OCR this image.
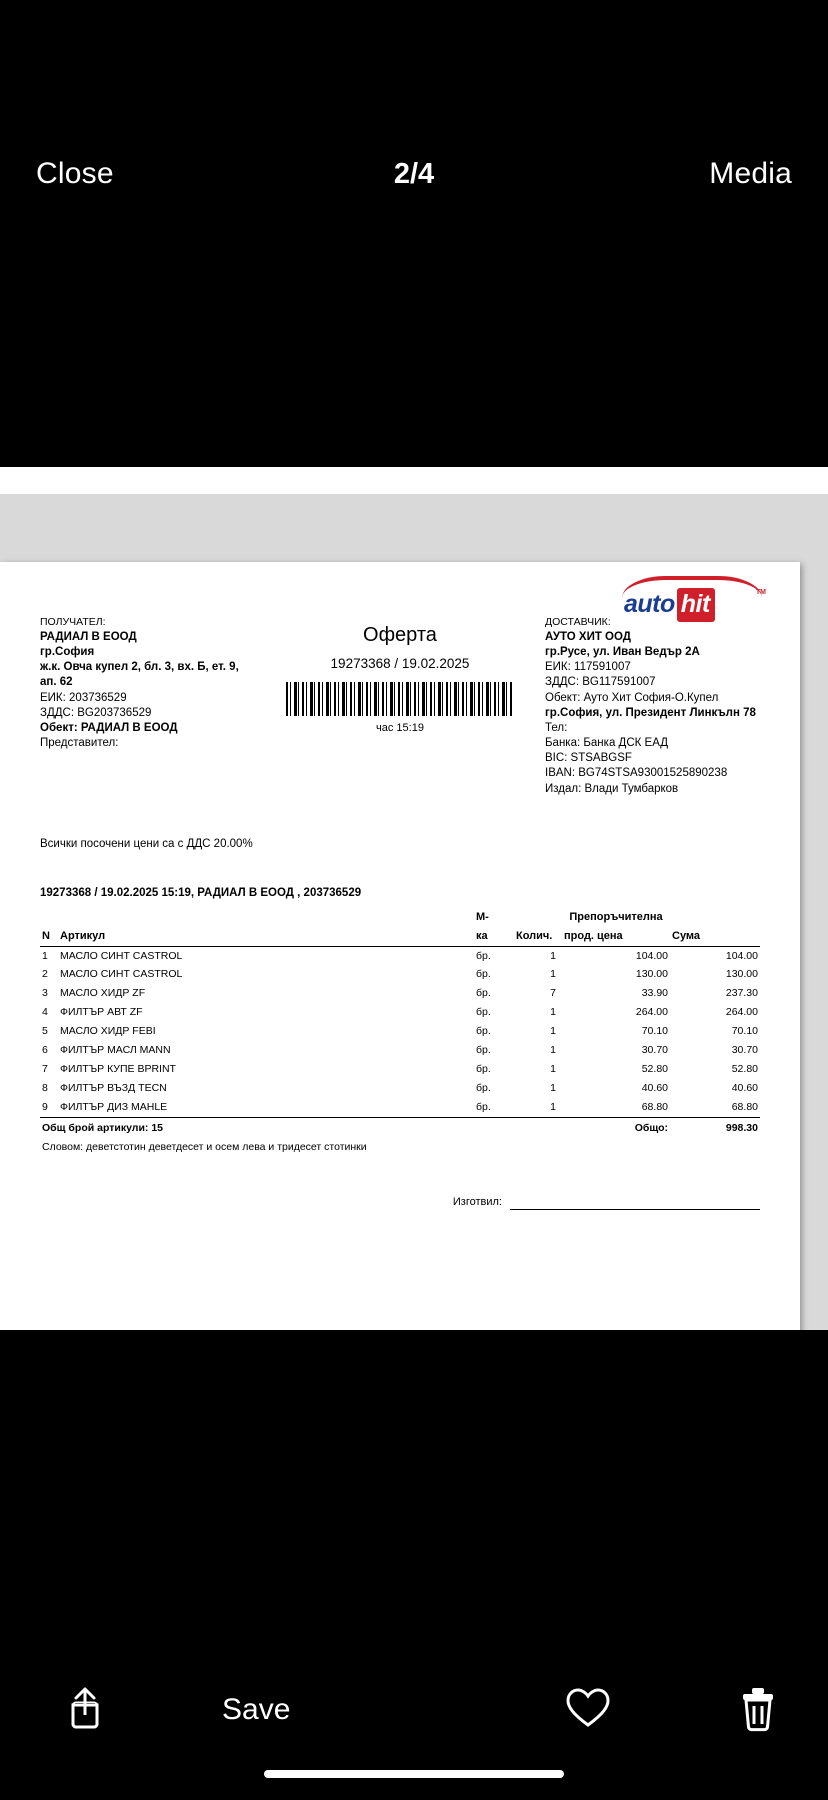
Close	Media
2/4
auto hit	TM
ПОЛУЧАТЕЛ:
РАДИАЛ В ЕООД
гр.София
ж.к. Овча купел 2, бл. 3, вх. Б, ет. 9, ап. 62
ЕИК: 203736529
ЗДДС: BG203736529
Обект: РАДИАЛ В ЕООД
Представител:
Оферта
19273368 / 19.02.2025
час 15:19
ДОСТАВЧИК:
АУТО ХИТ ООД
гр.Русе, ул. Иван Ведър 2А
ЕИК: 117591007
ЗДДС: BG117591007
Обект: Ауто Хит София-О.Купел
гр.София, ул. Президент Линкълн 78
Тел:
Банка: Банка ДСК ЕАД
BIC: STSABGSF
IBAN: BG74STSA93001525890238
Издал: Влади Тумбарков
Всички посочени цени са с ДДС 20.00%
19273368 / 19.02.2025 15:19, РАДИАЛ В ЕООД , 203736529
		М-		Препоръчителна	
N	Артикул	ка	Колич.	прод. цена	Сума
1	МАСЛО СИНТ CASTROL	бр.	1	104.00	104.00
2	МАСЛО СИНТ CASTROL	бр.	1	130.00	130.00
3	МАСЛО ХИДР ZF	бр.	7	33.90	237.30
4	ФИЛТЪР АВТ ZF	бр.	1	264.00	264.00
5	МАСЛО ХИДР FEBI	бр.	1	70.10	70.10
6	ФИЛТЪР МАСЛ MANN	бр.	1	30.70	30.70
7	ФИЛТЪР КУПЕ BPRINT	бр.	1	52.80	52.80
8	ФИЛТЪР ВЪЗД TECN	бр.	1	40.60	40.60
9	ФИЛТЪР ДИЗ MAHLE	бр.	1	68.80	68.80
Общ брой артикули: 15				Общо:	998.30
Словом: деветстотин деветдесет и осем лева и тридесет стотинки					
Изготвил:
Save
